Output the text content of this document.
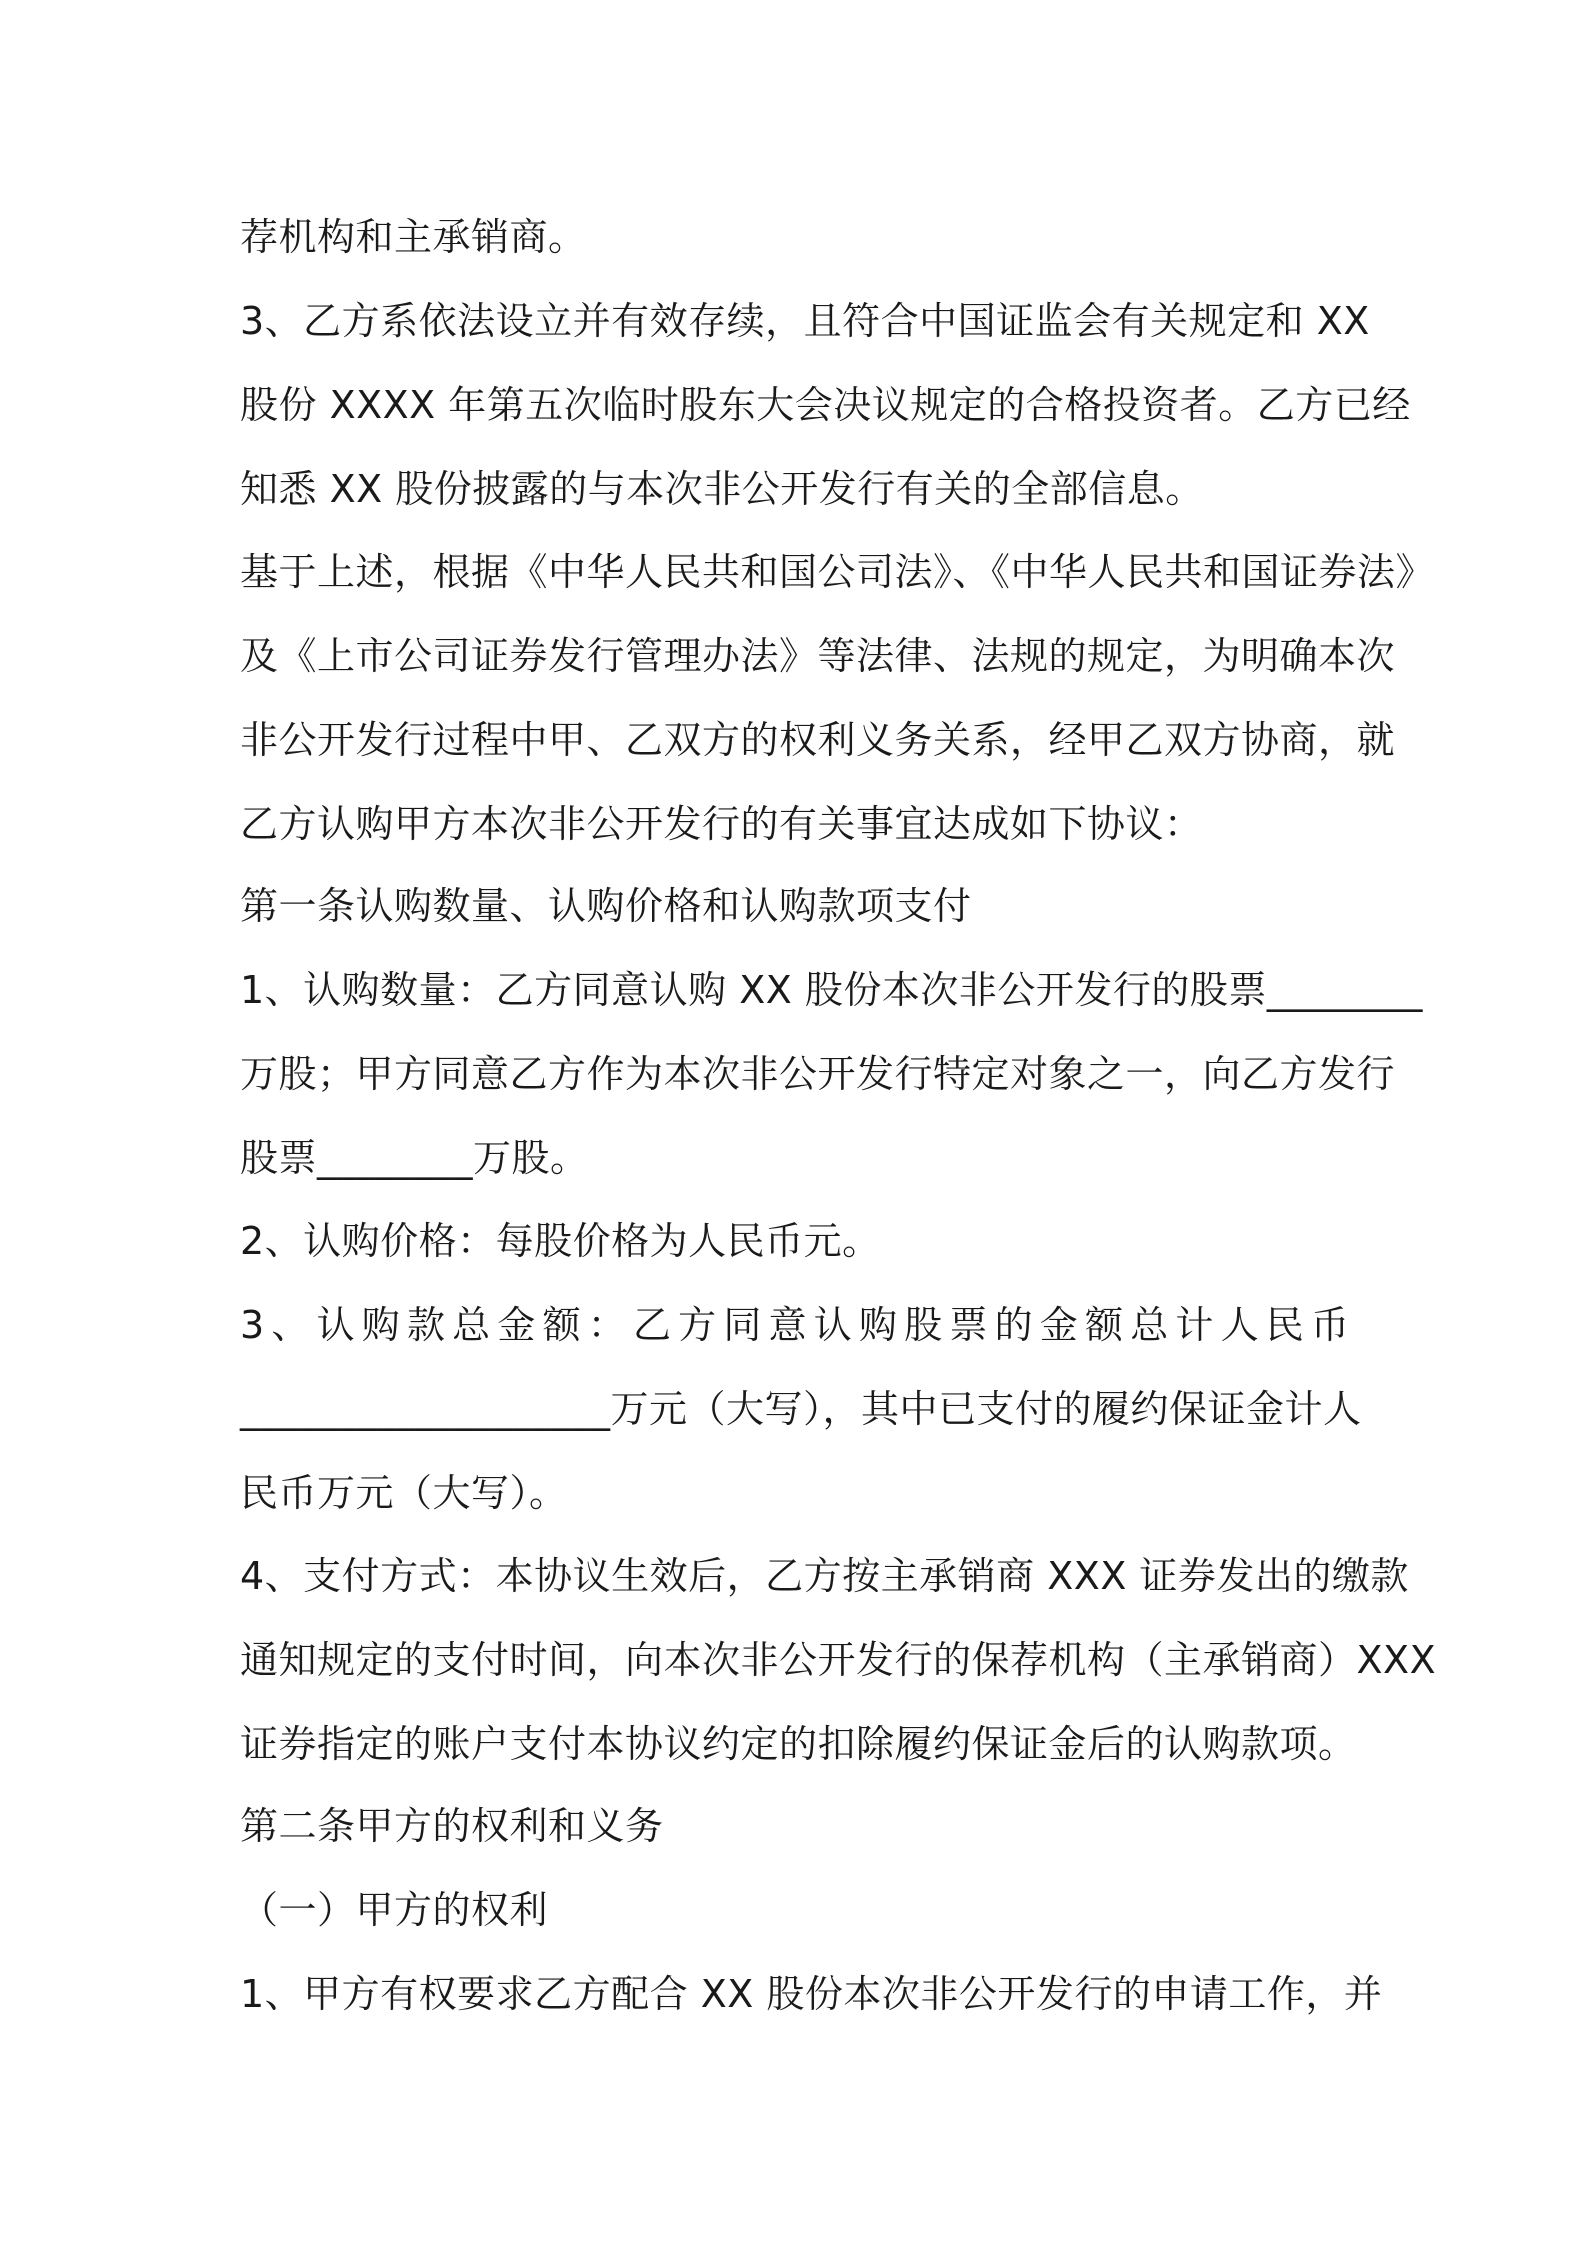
荐机构和主承销商。
3、乙方系依法设立并有效存续，且符合中国证监会有关规定和 XX
股份 XXXX 年第五次临时股东大会决议规定的合格投资者。乙方已经
知悉 XX 股份披露的与本次非公开发行有关的全部信息。
基于上述，根据《中华人民共和国公司法》、《中华人民共和国证券法》
及《上市公司证券发行管理办法》等法律、法规的规定，为明确本次
非公开发行过程中甲、乙双方的权利义务关系，经甲乙双方协商，就
乙方认购甲方本次非公开发行的有关事宜达成如下协议：
第一条认购数量、认购价格和认购款项支付
1、认购数量：乙方同意认购 XX 股份本次非公开发行的股票________
万股；甲方同意乙方作为本次非公开发行特定对象之一，向乙方发行
股票________万股。
2、认购价格：每股价格为人民币元。
3、认购款总金额：乙方同意认购股票的金额总计人民币
___________________万元（大写），其中已支付的履约保证金计人
民币万元（大写）。
4、支付方式：本协议生效后，乙方按主承销商 XXX 证券发出的缴款
通知规定的支付时间，向本次非公开发行的保荐机构（主承销商）XXX
证券指定的账户支付本协议约定的扣除履约保证金后的认购款项。
第二条甲方的权利和义务
（一）甲方的权利
1、甲方有权要求乙方配合 XX 股份本次非公开发行的申请工作，并
